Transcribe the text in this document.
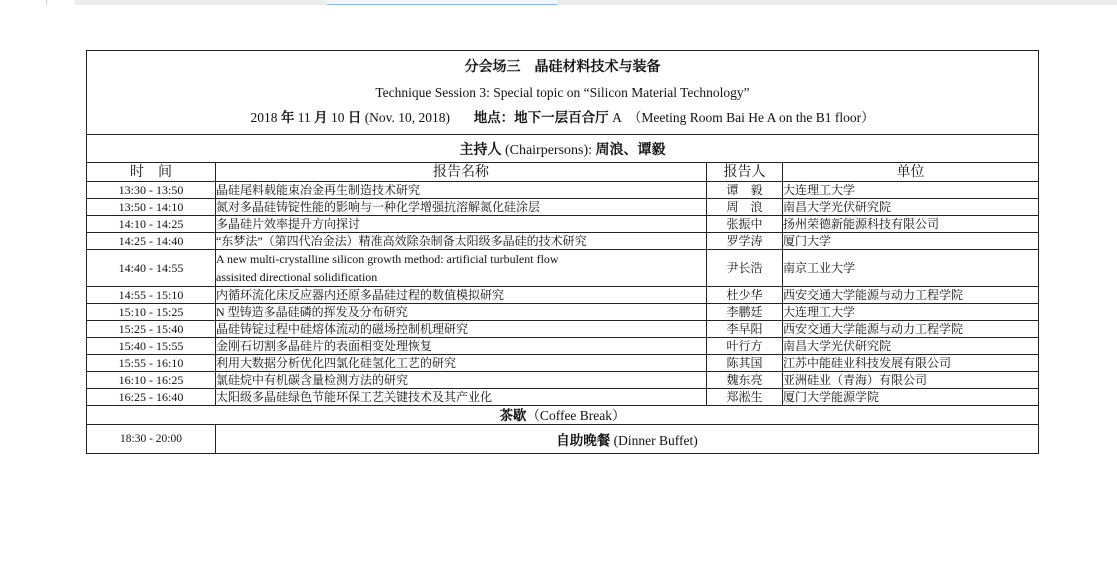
分会场三　晶硅材料技术与装备
Technique Session 3: Special topic on “Silicon Material Technology”
2018 年 11 月 10 日 (Nov. 10, 2018) 地点：地下一层百合厅 A  （Meeting Room Bai He A on the B1 floor）			

主持人 (Chairpersons): 周浪、谭毅			
时　间	报告名称	报告人	单位
13:30 - 13:50	晶硅尾料载能束冶金再生制造技术研究	谭　毅	大连理工大学
13:50 - 14:10	氮对多晶硅铸锭性能的影响与一种化学增强抗溶解氮化硅涂层	周　浪	南昌大学光伏研究院
14:10 - 14:25	多晶硅片效率提升方向探讨	张振中	扬州荣德新能源科技有限公司
14:25 - 14:40	“东梦法”（第四代冶金法）精准高效除杂制备太阳级多晶硅的技术研究	罗学涛	厦门大学
14:40 - 14:55	A new multi-crystalline silicon growth method: artificial turbulent flow
assisited directional solidification	尹长浩	南京工业大学
14:55 - 15:10	内循环流化床反应器内还原多晶硅过程的数值模拟研究	杜少华	西安交通大学能源与动力工程学院
15:10 - 15:25	N 型铸造多晶硅磷的挥发及分布研究	李鹏廷	大连理工大学
15:25 - 15:40	晶硅铸锭过程中硅熔体流动的磁场控制机理研究	李早阳	西安交通大学能源与动力工程学院
15:40 - 15:55	金刚石切割多晶硅片的表面相变处理恢复	叶行方	南昌大学光伏研究院
15:55 - 16:10	利用大数据分析优化四氯化硅氢化工艺的研究	陈其国	江苏中能硅业科技发展有限公司
16:10 - 16:25	氯硅烷中有机碳含量检测方法的研究	魏东亮	亚洲硅业（青海）有限公司
16:25 - 16:40	太阳级多晶硅绿色节能环保工艺关键技术及其产业化	郑淞生	厦门大学能源学院
茶歇（Coffee Break）			
18:30 - 20:00	自助晚餐 (Dinner Buffet)		
